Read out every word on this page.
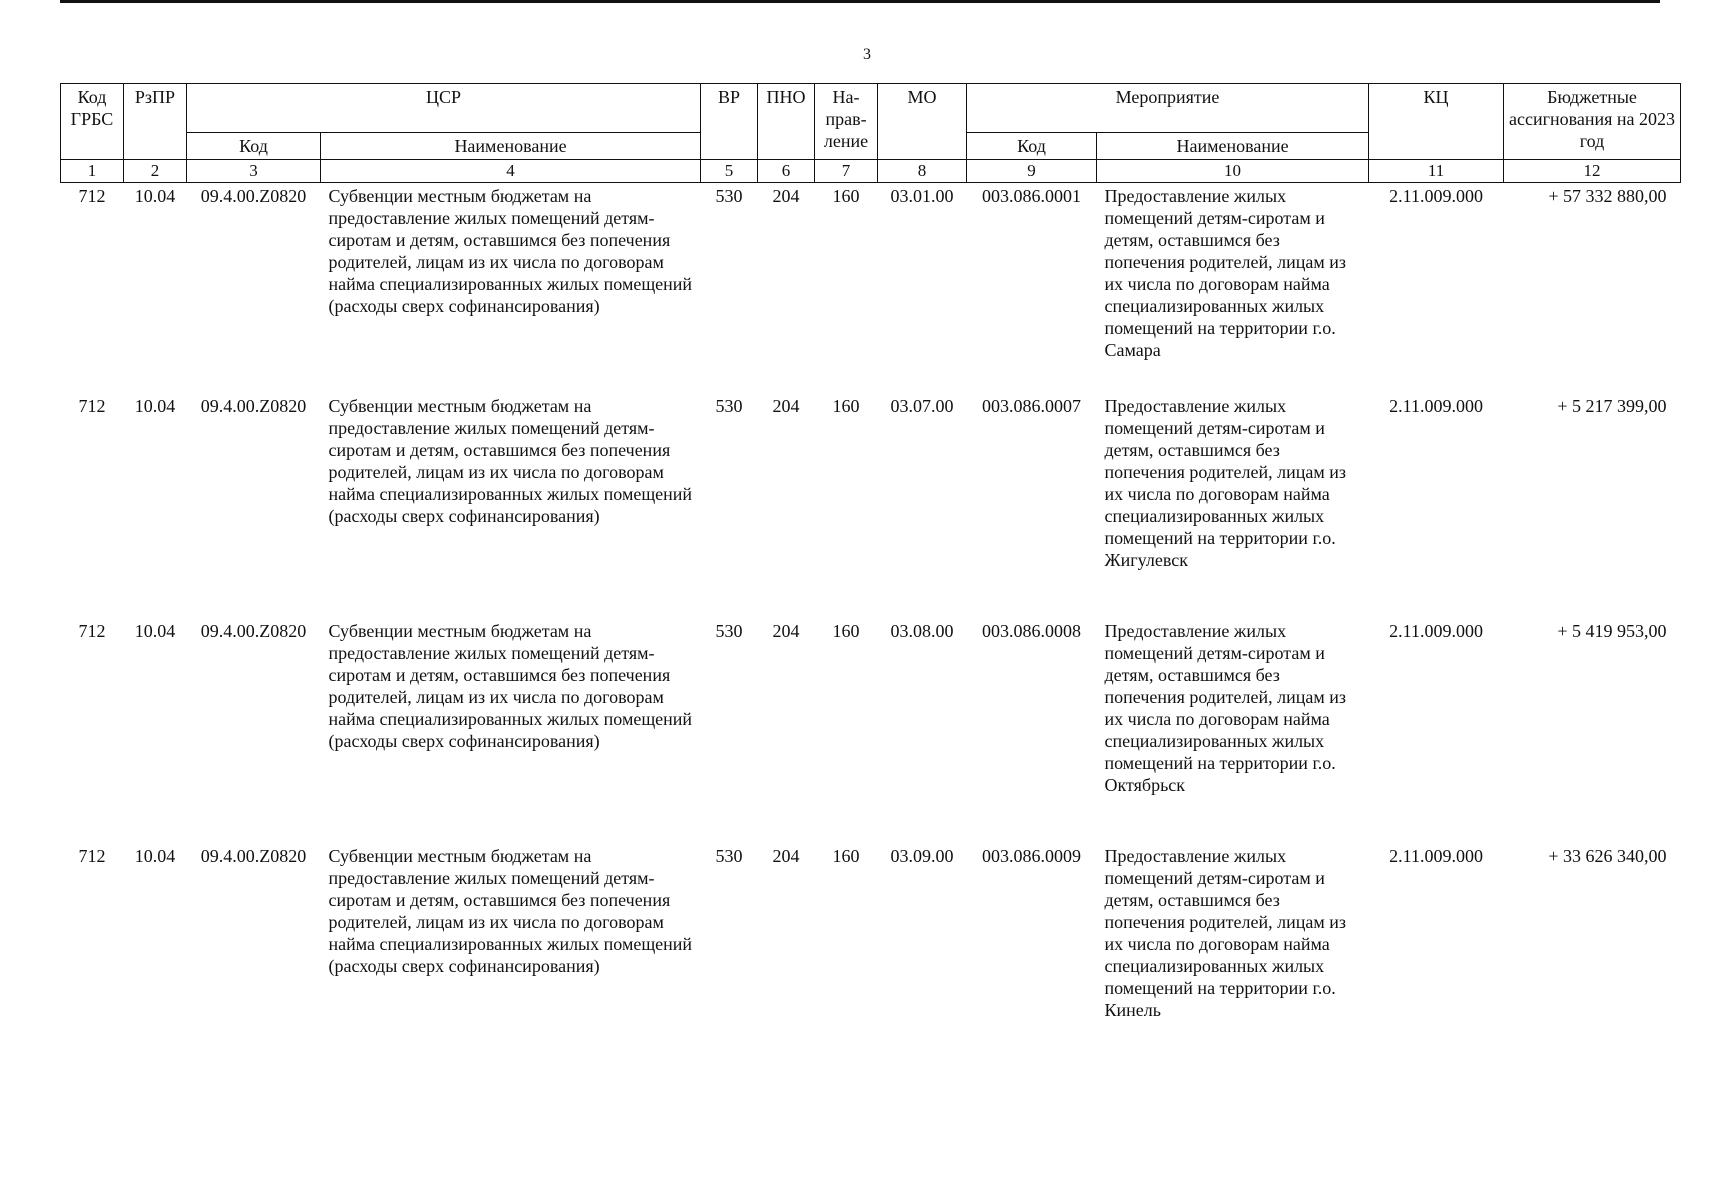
3
Код ГРБС	РзПР	ЦСР		ВР	ПНО	На-прав-ление	МО	Мероприятие		КЦ	Бюджетные ассигнования на 2023 год
		Код	Наименование					Код	Наименование		
1	2	3	4	5	6	7	8	9	10	11	12
712	10.04	09.4.00.Z0820	Субвенции местным бюджетам на предоставление жилых помещений детям-сиротам и детям, оставшимся без попечения родителей, лицам из их числа по договорам найма специализированных жилых помещений (расходы сверх софинансирования)	530	204	160	03.01.00	003.086.0001	Предоставление жилых помещений детям-сиротам и детям, оставшимся без попечения родителей, лицам из их числа по договорам найма специализированных жилых помещений на территории г.о. Самара	2.11.009.000	+ 57 332 880,00
712	10.04	09.4.00.Z0820	Субвенции местным бюджетам на предоставление жилых помещений детям-сиротам и детям, оставшимся без попечения родителей, лицам из их числа по договорам найма специализированных жилых помещений (расходы сверх софинансирования)	530	204	160	03.07.00	003.086.0007	Предоставление жилых помещений детям-сиротам и детям, оставшимся без попечения родителей, лицам из их числа по договорам найма специализированных жилых помещений на территории г.о. Жигулевск	2.11.009.000	+ 5 217 399,00
712	10.04	09.4.00.Z0820	Субвенции местным бюджетам на предоставление жилых помещений детям-сиротам и детям, оставшимся без попечения родителей, лицам из их числа по договорам найма специализированных жилых помещений (расходы сверх софинансирования)	530	204	160	03.08.00	003.086.0008	Предоставление жилых помещений детям-сиротам и детям, оставшимся без попечения родителей, лицам из их числа по договорам найма специализированных жилых помещений на территории г.о. Октябрьск	2.11.009.000	+ 5 419 953,00
712	10.04	09.4.00.Z0820	Субвенции местным бюджетам на предоставление жилых помещений детям-сиротам и детям, оставшимся без попечения родителей, лицам из их числа по договорам найма специализированных жилых помещений (расходы сверх софинансирования)	530	204	160	03.09.00	003.086.0009	Предоставление жилых помещений детям-сиротам и детям, оставшимся без попечения родителей, лицам из их числа по договорам найма специализированных жилых помещений на территории г.о. Кинель	2.11.009.000	+ 33 626 340,00
